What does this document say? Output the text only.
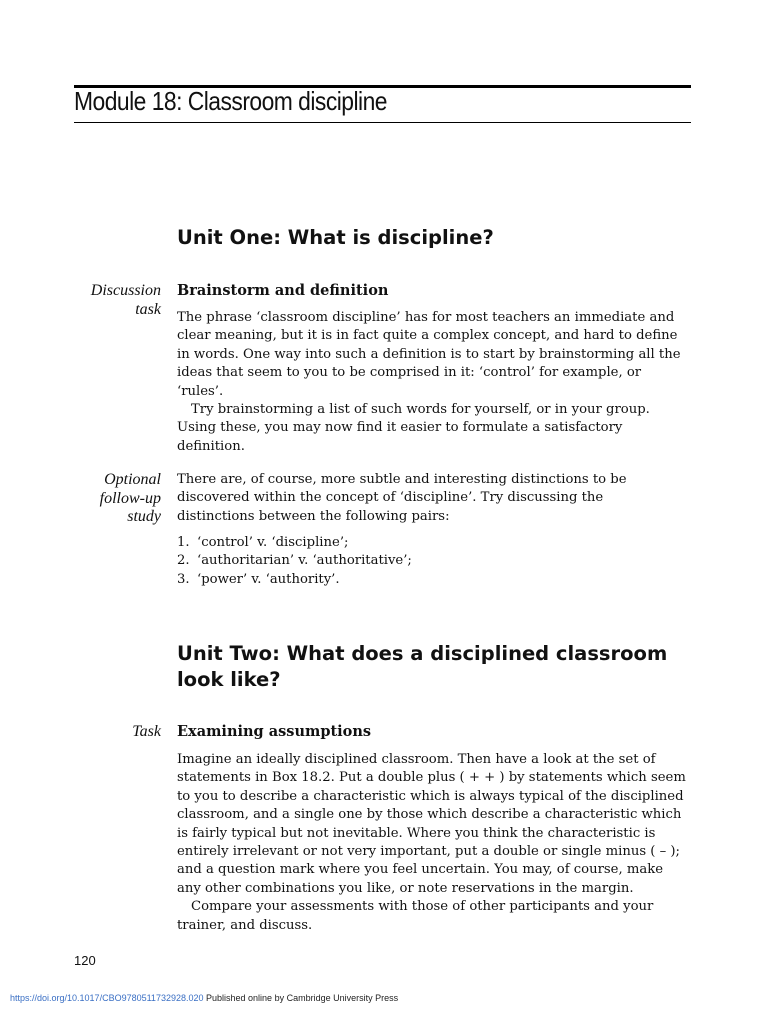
Module 18: Classroom discipline
Unit One: What is discipline?
Discussion
task
Brainstorm and definition

The phrase ‘classroom discipline’ has for most teachers an immediate and

clear meaning, but it is in fact quite a complex concept, and hard to define

in words. One way into such a definition is to start by brainstorming all the

ideas that seem to you to be comprised in it: ‘control’ for example, or

‘rules’.

Try brainstorming a list of such words for yourself, or in your group.

Using these, you may now find it easier to formulate a satisfactory

definition.

Optional
follow-up
study

There are, of course, more subtle and interesting distinctions to be

discovered within the concept of ‘discipline’. Try discussing the

distinctions between the following pairs:

1. ‘control’ v. ‘discipline’;
2. ‘authoritarian’ v. ‘authoritative’;
3. ‘power’ v. ‘authority’.
Unit Two: What does a disciplined classroom
look like?
Task Examining assumptions

Imagine an ideally disciplined classroom. Then have a look at the set of

statements in Box 18.2. Put a double plus ( + + ) by statements which seem

to you to describe a characteristic which is always typical of the disciplined

classroom, and a single one by those which describe a characteristic which

is fairly typical but not inevitable. Where you think the characteristic is

entirely irrelevant or not very important, put a double or single minus ( – );

and a question mark where you feel uncertain. You may, of course, make

any other combinations you like, or note reservations in the margin.

Compare your assessments with those of other participants and your

trainer, and discuss.

120
https://doi.org/10.1017/CBO9780511732928.020 Published online by Cambridge University Press
